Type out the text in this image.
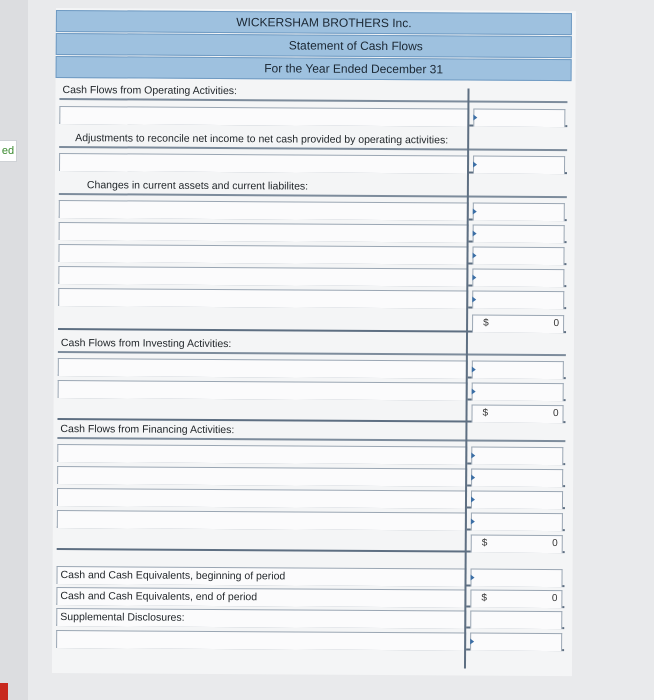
ed
WICKERSHAM BROTHERS Inc.
Statement of Cash Flows
For the Year Ended December 31
Cash Flows from Operating Activities:
Adjustments to reconcile net income to net cash provided by operating activities:
Changes in current assets and current liabilites:
$	0
Cash Flows from Investing Activities:
$	0
Cash Flows from Financing Activities:
$	0
Cash and Cash Equivalents, beginning of period
Cash and Cash Equivalents, end of period	$	0
Supplemental Disclosures:
